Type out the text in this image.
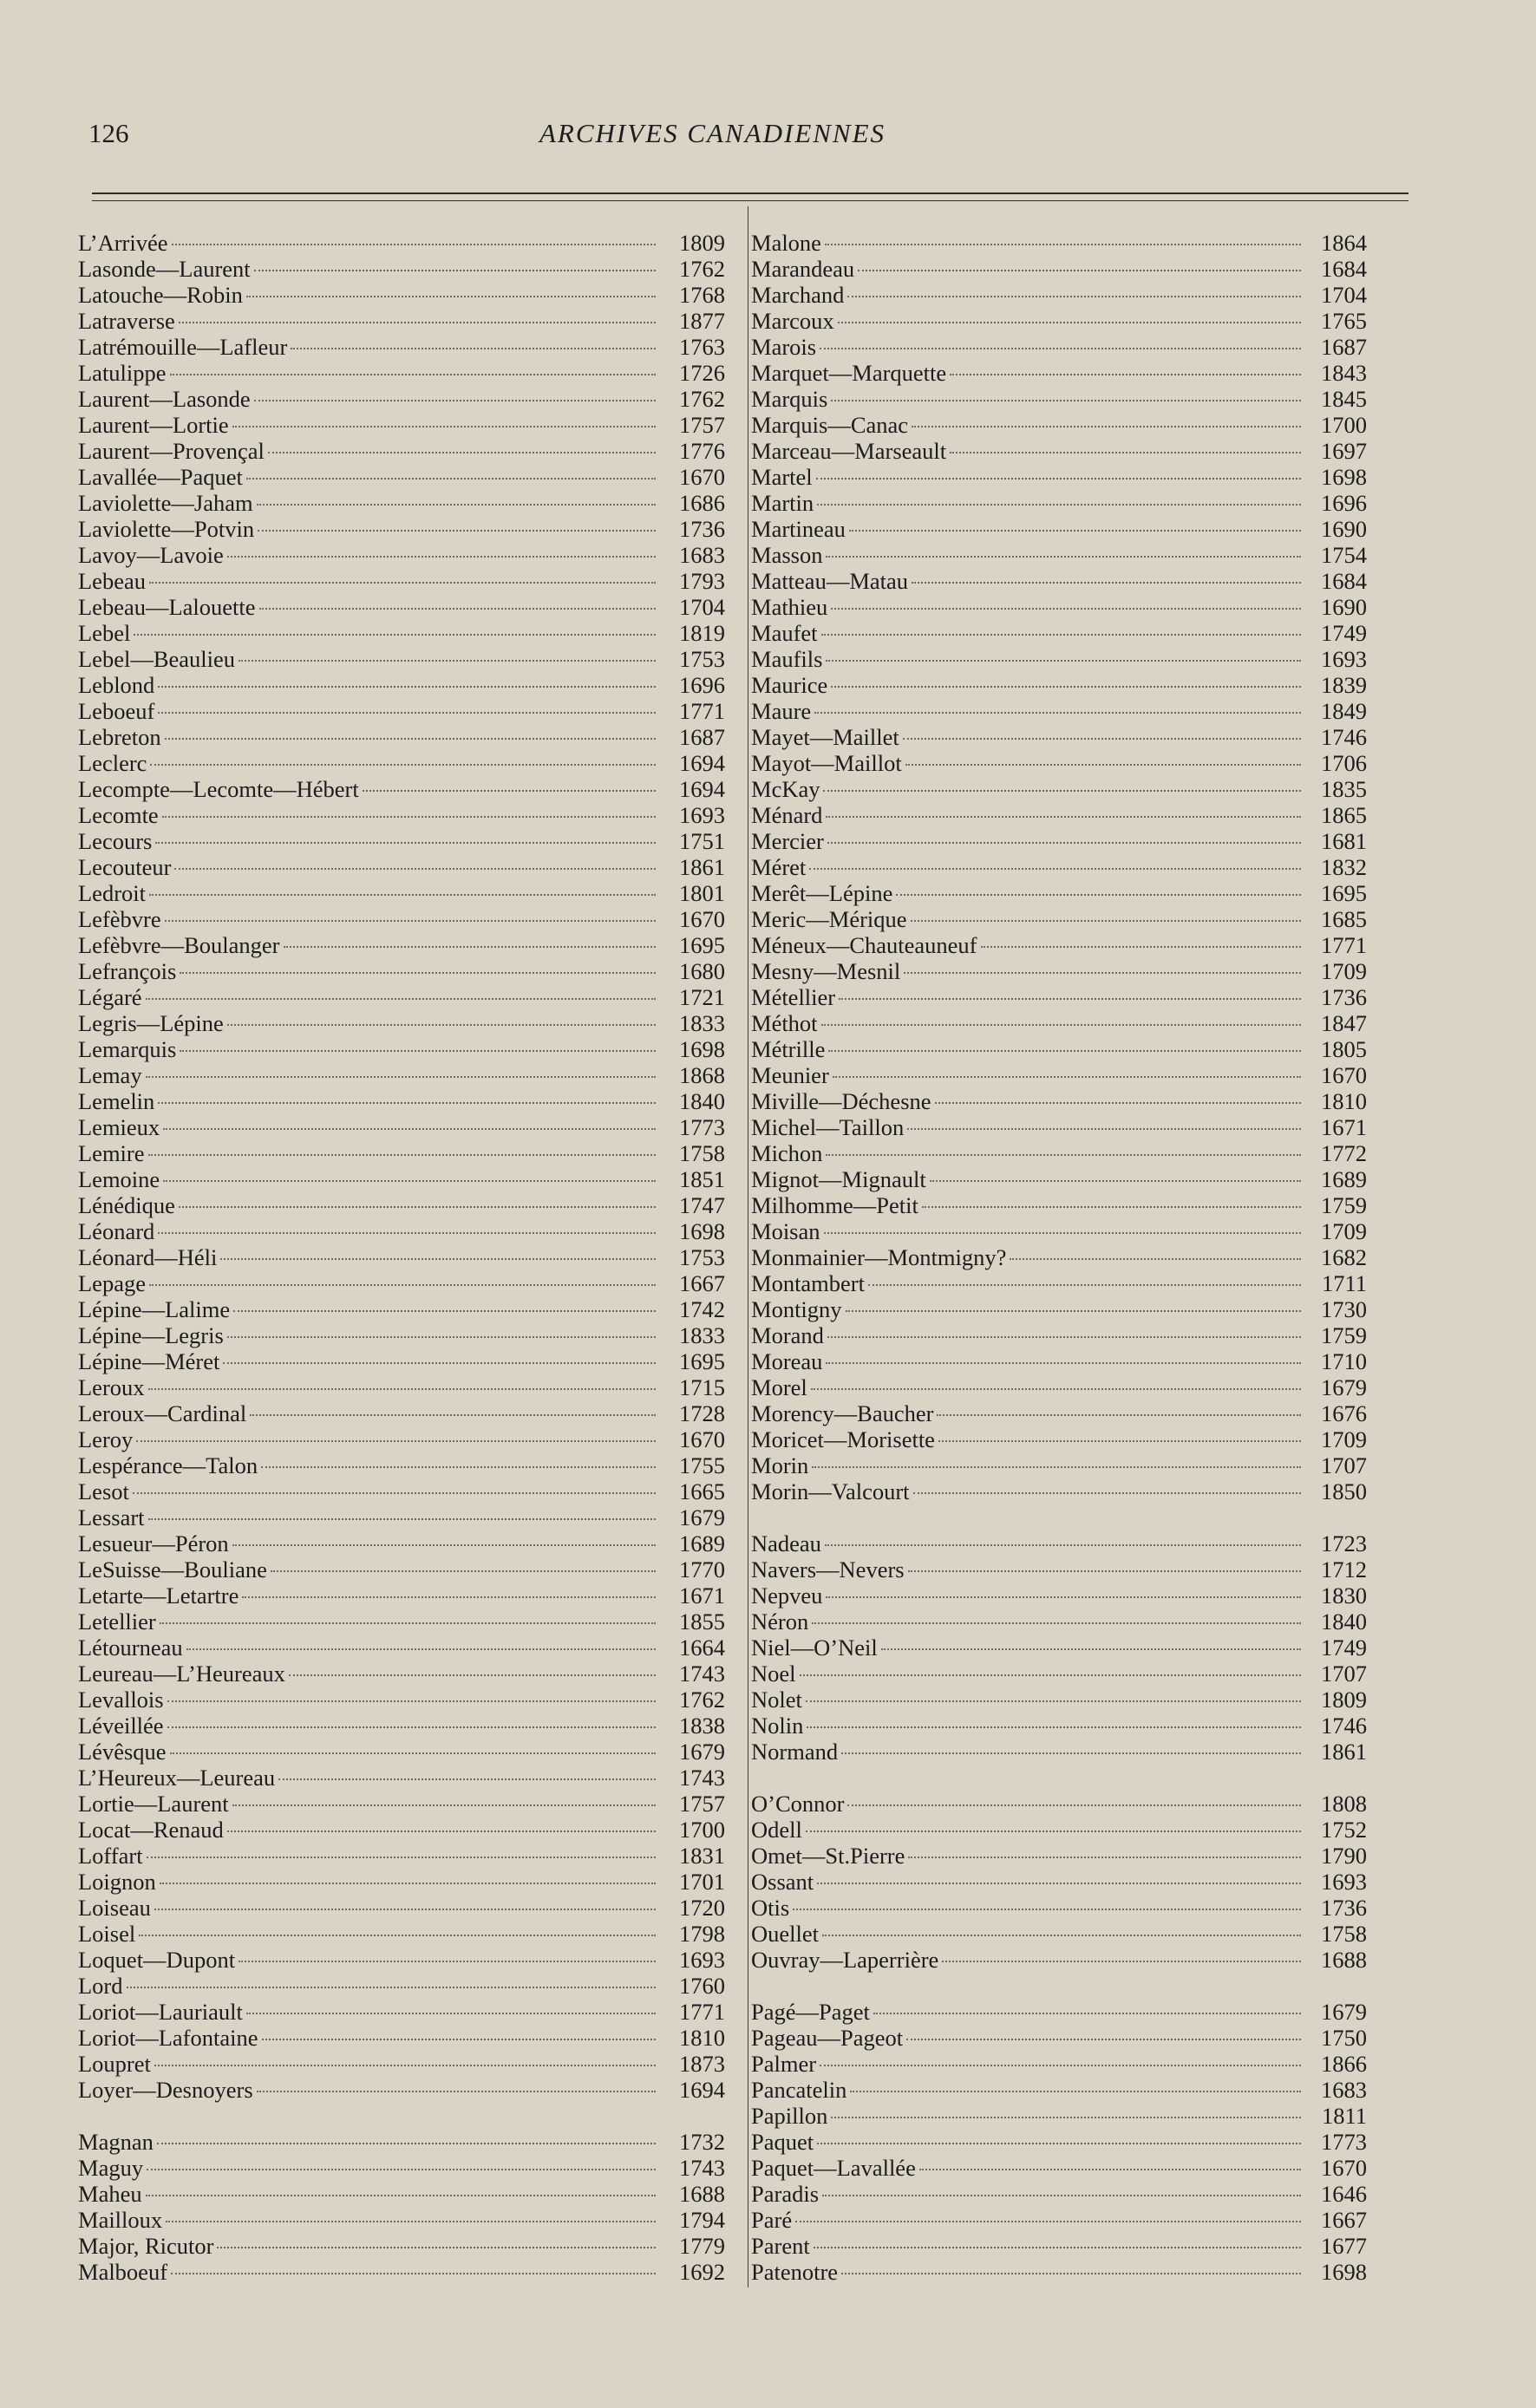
126	ARCHIVES CANADIENNES
L’Arrivée	1809
Lasonde—Laurent	1762
Latouche—Robin	1768
Latraverse	1877
Latrémouille—Lafleur	1763
Latulippe	1726
Laurent—Lasonde	1762
Laurent—Lortie	1757
Laurent—Provençal	1776
Lavallée—Paquet	1670
Laviolette—Jaham	1686
Laviolette—Potvin	1736
Lavoy—Lavoie	1683
Lebeau	1793
Lebeau—Lalouette	1704
Lebel	1819
Lebel—Beaulieu	1753
Leblond	1696
Leboeuf	1771
Lebreton	1687
Leclerc	1694
Lecompte—Lecomte—Hébert	1694
Lecomte	1693
Lecours	1751
Lecouteur	1861
Ledroit	1801
Lefèbvre	1670
Lefèbvre—Boulanger	1695
Lefrançois	1680
Légaré	1721
Legris—Lépine	1833
Lemarquis	1698
Lemay	1868
Lemelin	1840
Lemieux	1773
Lemire	1758
Lemoine	1851
Lénédique	1747
Léonard	1698
Léonard—Héli	1753
Lepage	1667
Lépine—Lalime	1742
Lépine—Legris	1833
Lépine—Méret	1695
Leroux	1715
Leroux—Cardinal	1728
Leroy	1670
Lespérance—Talon	1755
Lesot	1665
Lessart	1679
Lesueur—Péron	1689
LeSuisse—Bouliane	1770
Letarte—Letartre	1671
Letellier	1855
Létourneau	1664
Leureau—L’Heureaux	1743
Levallois	1762
Léveillée	1838
Lévêsque	1679
L’Heureux—Leureau	1743
Lortie—Laurent	1757
Locat—Renaud	1700
Loffart	1831
Loignon	1701
Loiseau	1720
Loisel	1798
Loquet—Dupont	1693
Lord	1760
Loriot—Lauriault	1771
Loriot—Lafontaine	1810
Loupret	1873
Loyer—Desnoyers	1694
Magnan	1732
Maguy	1743
Maheu	1688
Mailloux	1794
Major, Ricutor	1779
Malboeuf	1692
Malone	1864
Marandeau	1684
Marchand	1704
Marcoux	1765
Marois	1687
Marquet—Marquette	1843
Marquis	1845
Marquis—Canac	1700
Marceau—Marseault	1697
Martel	1698
Martin	1696
Martineau	1690
Masson	1754
Matteau—Matau	1684
Mathieu	1690
Maufet	1749
Maufils	1693
Maurice	1839
Maure	1849
Mayet—Maillet	1746
Mayot—Maillot	1706
McKay	1835
Ménard	1865
Mercier	1681
Méret	1832
Merêt—Lépine	1695
Meric—Mérique	1685
Méneux—Chauteauneuf	1771
Mesny—Mesnil	1709
Métellier	1736
Méthot	1847
Métrille	1805
Meunier	1670
Miville—Déchesne	1810
Michel—Taillon	1671
Michon	1772
Mignot—Mignault	1689
Milhomme—Petit	1759
Moisan	1709
Monmainier—Montmigny?	1682
Montambert	1711
Montigny	1730
Morand	1759
Moreau	1710
Morel	1679
Morency—Baucher	1676
Moricet—Morisette	1709
Morin	1707
Morin—Valcourt	1850
Nadeau	1723
Navers—Nevers	1712
Nepveu	1830
Néron	1840
Niel—O’Neil	1749
Noel	1707
Nolet	1809
Nolin	1746
Normand	1861
O’Connor	1808
Odell	1752
Omet—St.Pierre	1790
Ossant	1693
Otis	1736
Ouellet	1758
Ouvray—Laperrière	1688
Pagé—Paget	1679
Pageau—Pageot	1750
Palmer	1866
Pancatelin	1683
Papillon	1811
Paquet	1773
Paquet—Lavallée	1670
Paradis	1646
Paré	1667
Parent	1677
Patenotre	1698
